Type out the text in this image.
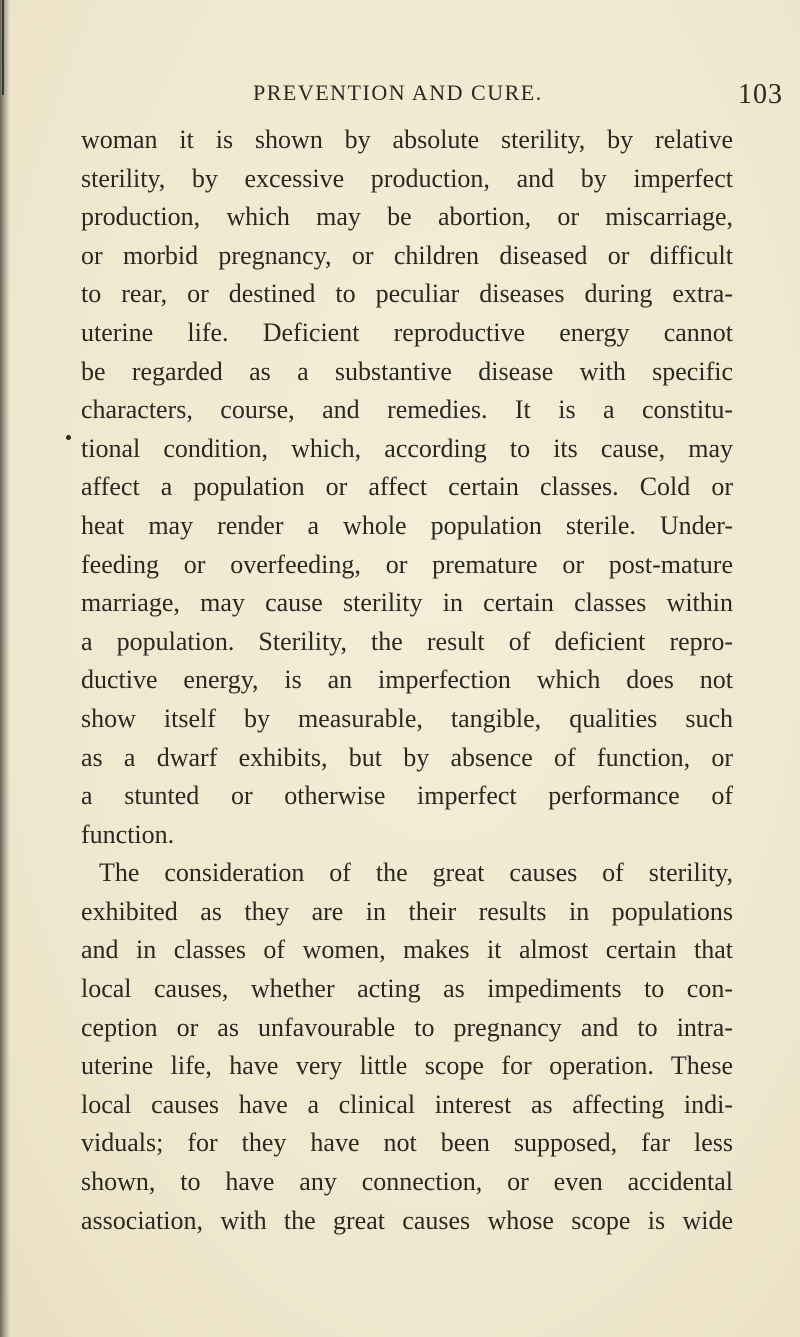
PREVENTION AND CURE.	103
woman it is shown by absolute sterility, by relative
sterility, by excessive production, and by imperfect
production, which may be abortion, or miscarriage,
or morbid pregnancy, or children diseased or difficult
to rear, or destined to peculiar diseases during extra-
uterine life. Deficient reproductive energy cannot
be regarded as a substantive disease with specific
characters, course, and remedies. It is a constitu-
tional condition, which, according to its cause, may
affect a population or affect certain classes. Cold or
heat may render a whole population sterile. Under-
feeding or overfeeding, or premature or post-mature
marriage, may cause sterility in certain classes within
a population. Sterility, the result of deficient repro-
ductive energy, is an imperfection which does not
show itself by measurable, tangible, qualities such
as a dwarf exhibits, but by absence of function, or
a stunted or otherwise imperfect performance of
function.
The consideration of the great causes of sterility,
exhibited as they are in their results in populations
and in classes of women, makes it almost certain that
local causes, whether acting as impediments to con-
ception or as unfavourable to pregnancy and to intra-
uterine life, have very little scope for operation. These
local causes have a clinical interest as affecting indi-
viduals; for they have not been supposed, far less
shown, to have any connection, or even accidental
association, with the great causes whose scope is wide
